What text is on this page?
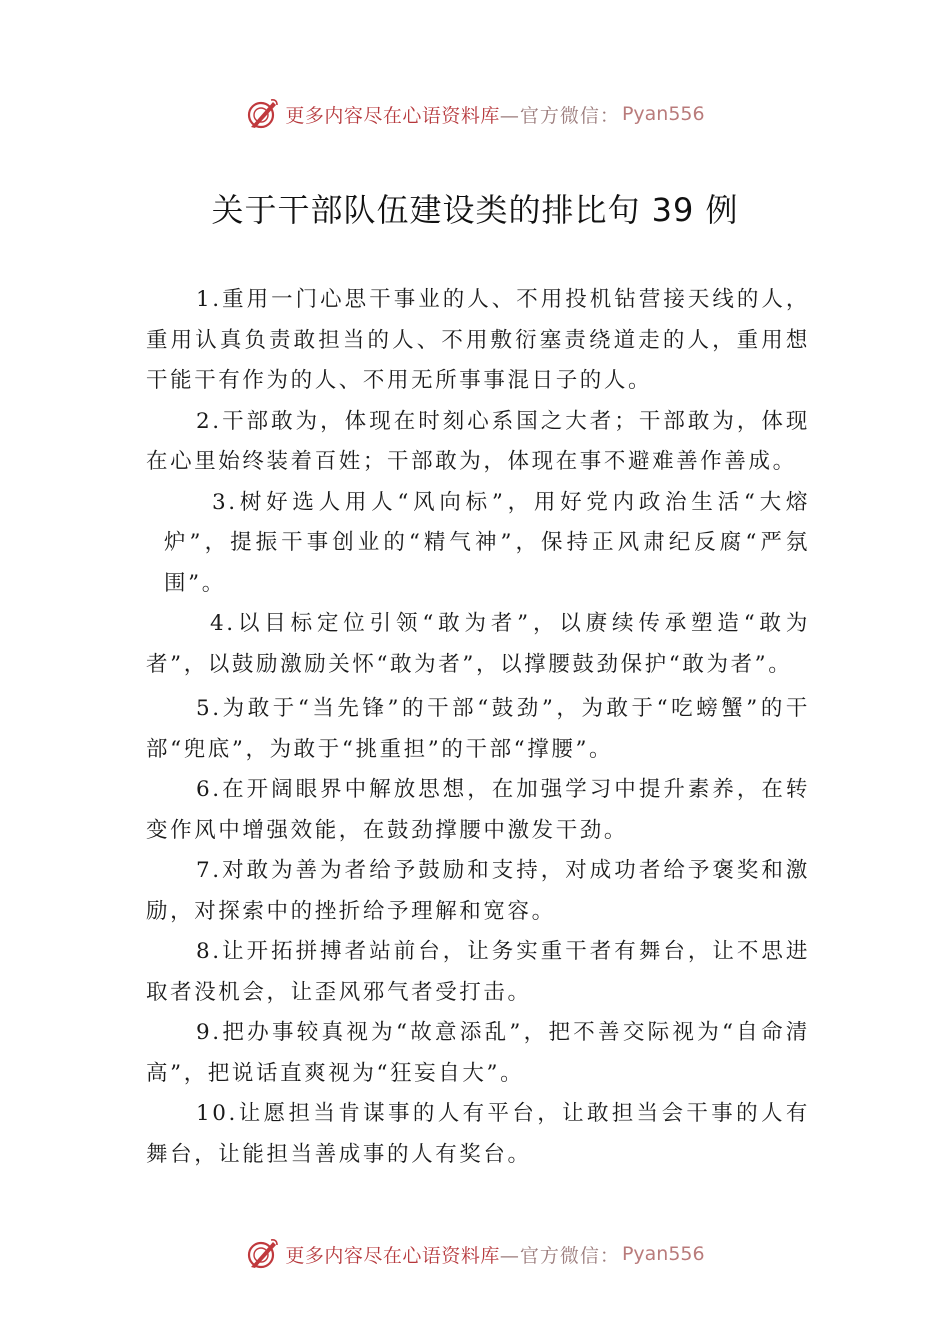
更多内容尽在心语资料库 —官方微信： Pyan556
关于干部队伍建设类的排比句 39 例

1.重用一门心思干事业的人、不用投机钻营接天线的人，重用认真负责敢担当的人、不用敷衍塞责绕道走的人，重用想干能干有作为的人、不用无所事事混日子的人。

2.干部敢为，体现在时刻心系国之大者；干部敢为，体现在心里始终装着百姓；干部敢为，体现在事不避难善作善成。

3.树好选人用人“风向标”，用好党内政治生活“大熔炉”，提振干事创业的“精气神”，保持正风肃纪反腐“严氛围”。

4.以目标定位引领“敢为者”，以赓续传承塑造“敢为者”，以鼓励激励关怀“敢为者”，以撑腰鼓劲保护“敢为者”。

5.为敢于“当先锋”的干部“鼓劲”，为敢于“吃螃蟹”的干部“兜底”，为敢于“挑重担”的干部“撑腰”。

6.在开阔眼界中解放思想，在加强学习中提升素养，在转变作风中增强效能，在鼓劲撑腰中激发干劲。

7.对敢为善为者给予鼓励和支持，对成功者给予褒奖和激励，对探索中的挫折给予理解和宽容。

8.让开拓拼搏者站前台，让务实重干者有舞台，让不思进取者没机会，让歪风邪气者受打击。

9.把办事较真视为“故意添乱”，把不善交际视为“自命清高”，把说话直爽视为“狂妄自大”。

10.让愿担当肯谋事的人有平台，让敢担当会干事的人有舞台，让能担当善成事的人有奖台。

更多内容尽在心语资料库 —官方微信： Pyan556
